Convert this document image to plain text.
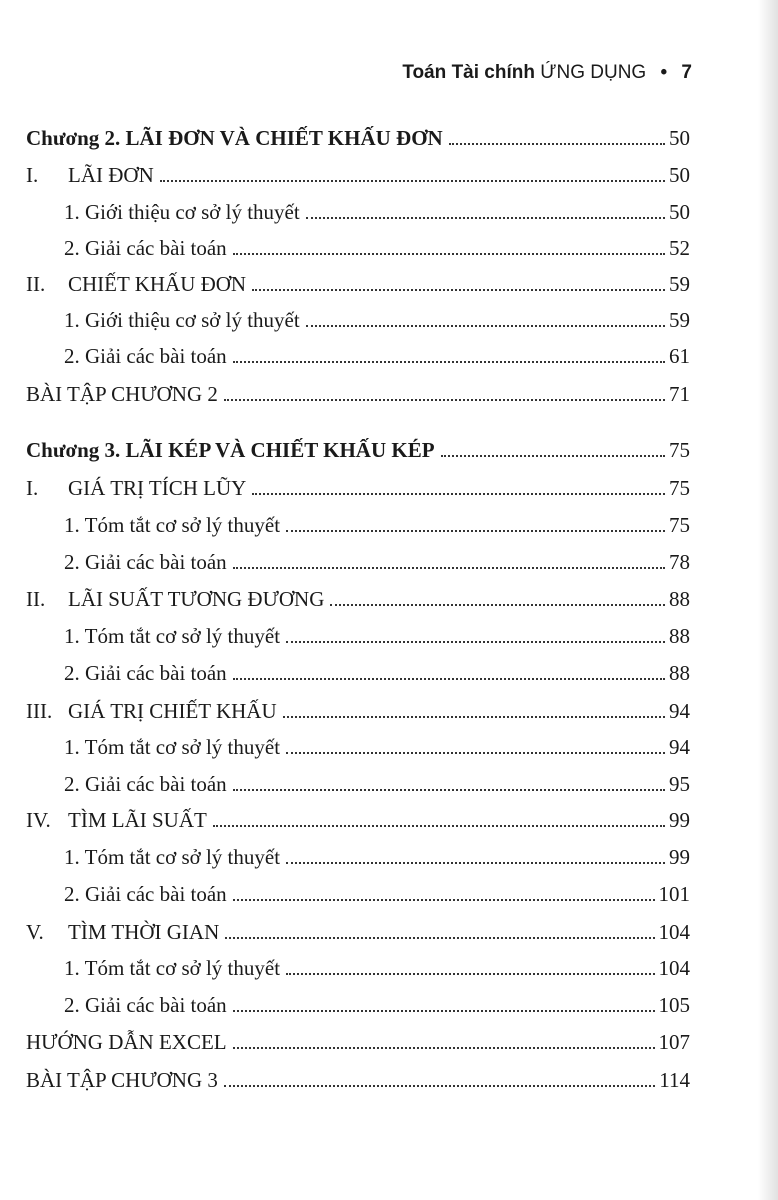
Toán Tài chính ỨNG DỤNG • 7
Chương 2. LÃI ĐƠN VÀ CHIẾT KHẤU ĐƠN	50
I. LÃI ĐƠN	50
1. Giới thiệu cơ sở lý thuyết	50
2. Giải các bài toán	52
II. CHIẾT KHẤU ĐƠN	59
1. Giới thiệu cơ sở lý thuyết	59
2. Giải các bài toán	61
BÀI TẬP CHƯƠNG 2	71
Chương 3. LÃI KÉP VÀ CHIẾT KHẤU KÉP	75
I. GIÁ TRỊ TÍCH LŨY	75
1. Tóm tắt cơ sở lý thuyết	75
2. Giải các bài toán	78
II. LÃI SUẤT TƯƠNG ĐƯƠNG	88
1. Tóm tắt cơ sở lý thuyết	88
2. Giải các bài toán	88
III. GIÁ TRỊ CHIẾT KHẤU	94
1. Tóm tắt cơ sở lý thuyết	94
2. Giải các bài toán	95
IV. TÌM LÃI SUẤT	99
1. Tóm tắt cơ sở lý thuyết	99
2. Giải các bài toán	101
V. TÌM THỜI GIAN	104
1. Tóm tắt cơ sở lý thuyết	104
2. Giải các bài toán	105
HƯỚNG DẪN EXCEL	107
BÀI TẬP CHƯƠNG 3	114
